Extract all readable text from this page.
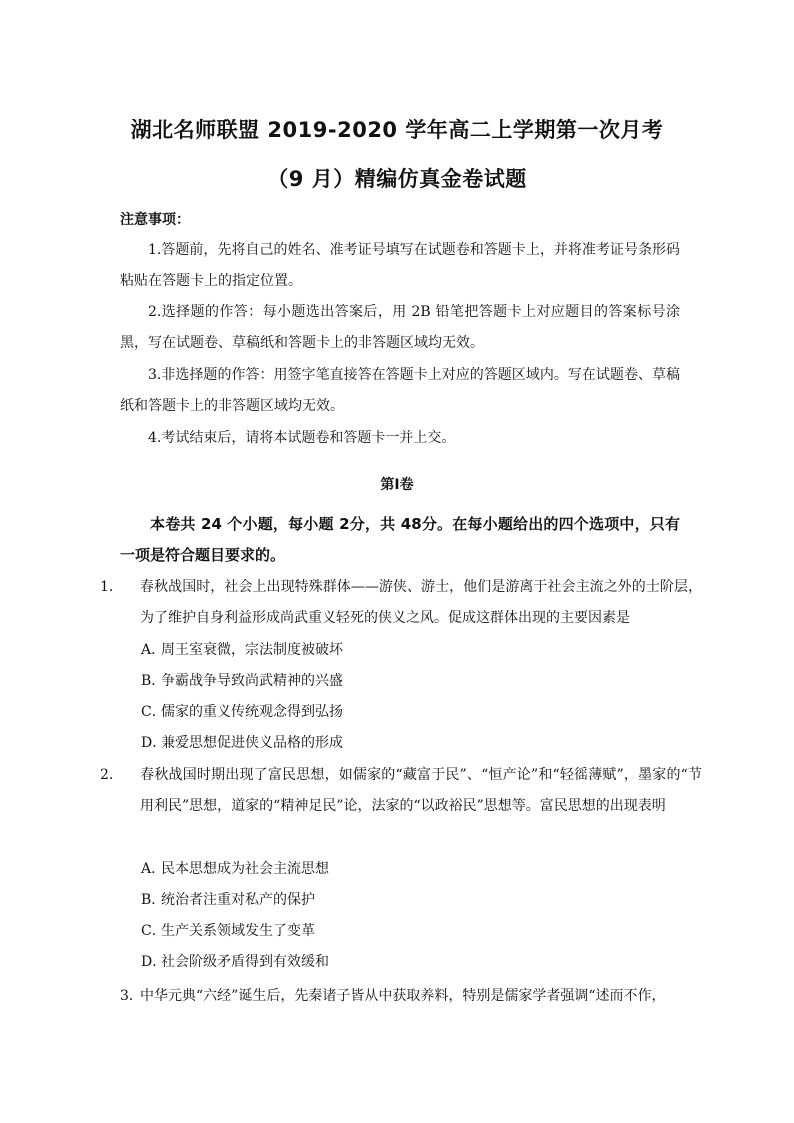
湖北名师联盟 2019-2020 学年高二上学期第一次月考
（9 月）精编仿真金卷试题
注意事项：
1.答题前，先将自己的姓名、准考证号填写在试题卷和答题卡上，并将准考证号条形码粘贴在答题卡上的指定位置。
2.选择题的作答：每小题选出答案后，用 2B 铅笔把答题卡上对应题目的答案标号涂黑，写在试题卷、草稿纸和答题卡上的非答题区域均无效。
3.非选择题的作答：用签字笔直接答在答题卡上对应的答题区域内。写在试题卷、草稿纸和答题卡上的非答题区域均无效。
4.考试结束后，请将本试题卷和答题卡一并上交。
第Ⅰ卷
本卷共 24 个小题，每小题 2分，共 48分。在每小题给出的四个选项中，只有一项是符合题目要求的。
1． 春秋战国时，社会上出现特殊群体——游侠、游士，他们是游离于社会主流之外的士阶层，为了维护自身利益形成尚武重义轻死的侠义之风。促成这群体出现的主要因素是
A．周王室衰微，宗法制度被破坏
B．争霸战争导致尚武精神的兴盛
C．儒家的重义传统观念得到弘扬
D．兼爱思想促进侠义品格的形成
2． 春秋战国时期出现了富民思想，如儒家的“藏富于民”、“恒产论”和“轻徭薄赋”，墨家的“节用利民”思想，道家的“精神足民”论，法家的“以政裕民”思想等。富民思想的出现表明
A．民本思想成为社会主流思想
B．统治者注重对私产的保护
C．生产关系领域发生了变革
D．社会阶级矛盾得到有效缓和
3．中华元典“六经”诞生后，先秦诸子皆从中获取养料，特别是儒家学者强调“述而不作，
